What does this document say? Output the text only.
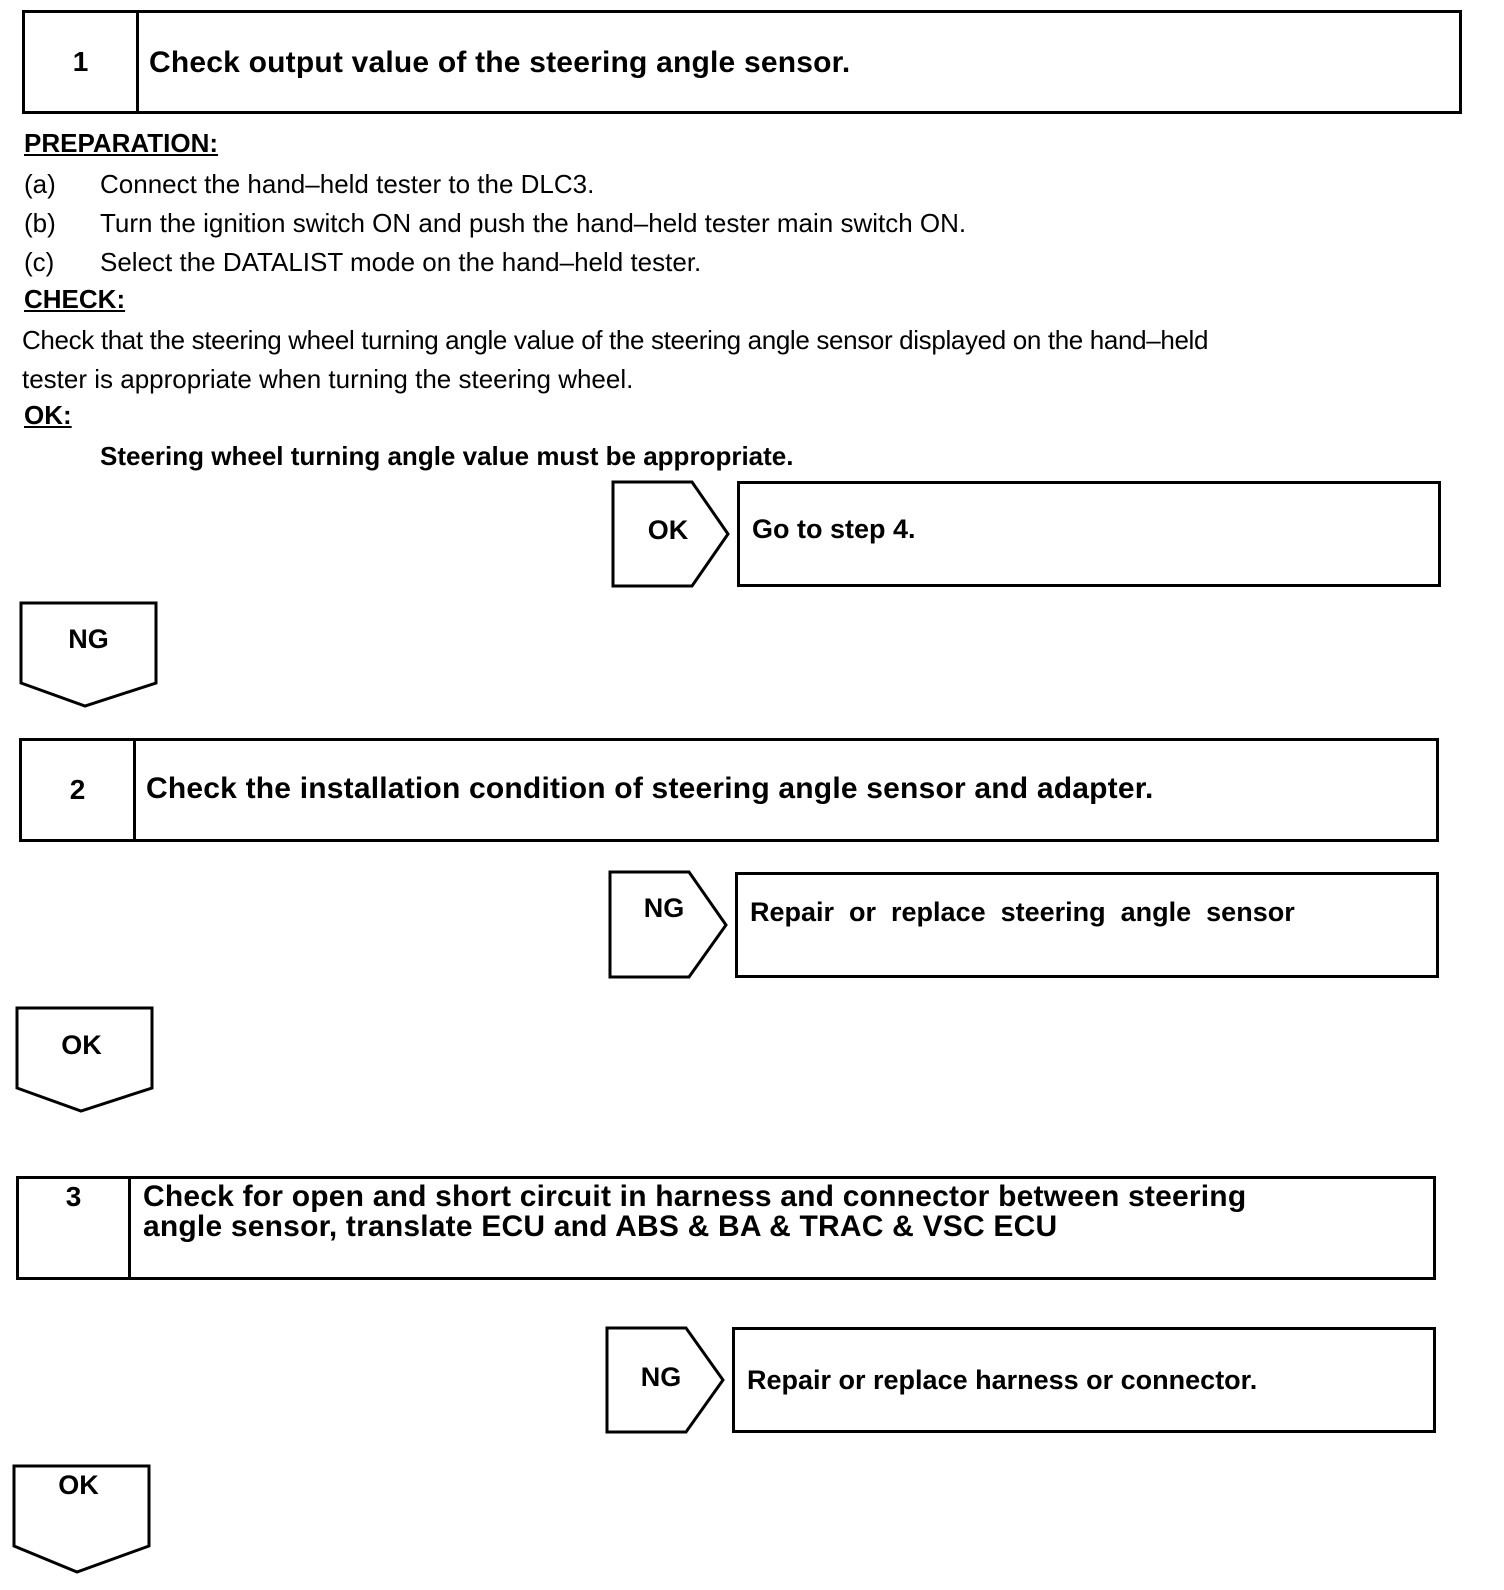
1	Check output value of the steering angle sensor.
PREPARATION:
(a) Connect the hand–held tester to the DLC3.
(b) Turn the ignition switch ON and push the hand–held tester main switch ON.
(c) Select the DATALIST mode on the hand–held tester.
CHECK:
Check that the steering wheel turning angle value of the steering angle sensor displayed on the hand–held
tester is appropriate when turning the steering wheel.
OK:
Steering wheel turning angle value must be appropriate.
OK	Go to step 4.
NG
2	Check the installation condition of steering angle sensor and adapter.
NG	Repair  or  replace  steering  angle  sensor
OK
3	Check for open and short circuit in harness and connector between steering
angle sensor, translate ECU and ABS & BA & TRAC & VSC ECU
NG	Repair or replace harness or connector.
OK
